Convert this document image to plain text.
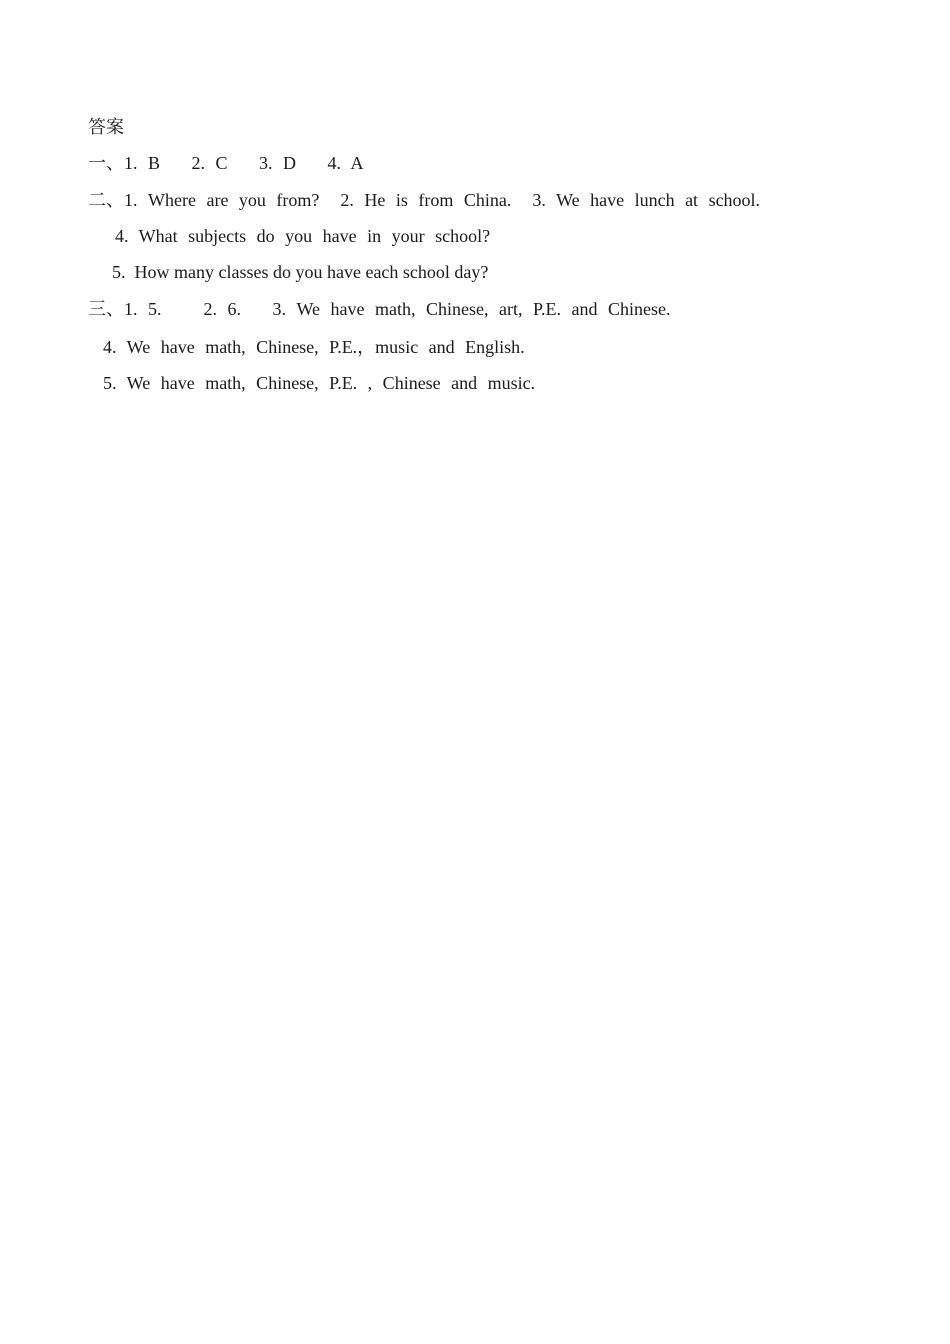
答案
一、1. B   2. C   3. D   4. A
二、1. Where are you from?  2. He is from China.  3. We have lunch at school.
4. What subjects do you have in your school?
5.  How many classes do you have each school day?
三、1. 5.    2. 6.   3. We have math, Chinese, art, P.E. and Chinese.
4. We have math, Chinese, P.E.，music and English.
5. We have math, Chinese, P.E. , Chinese and music.
